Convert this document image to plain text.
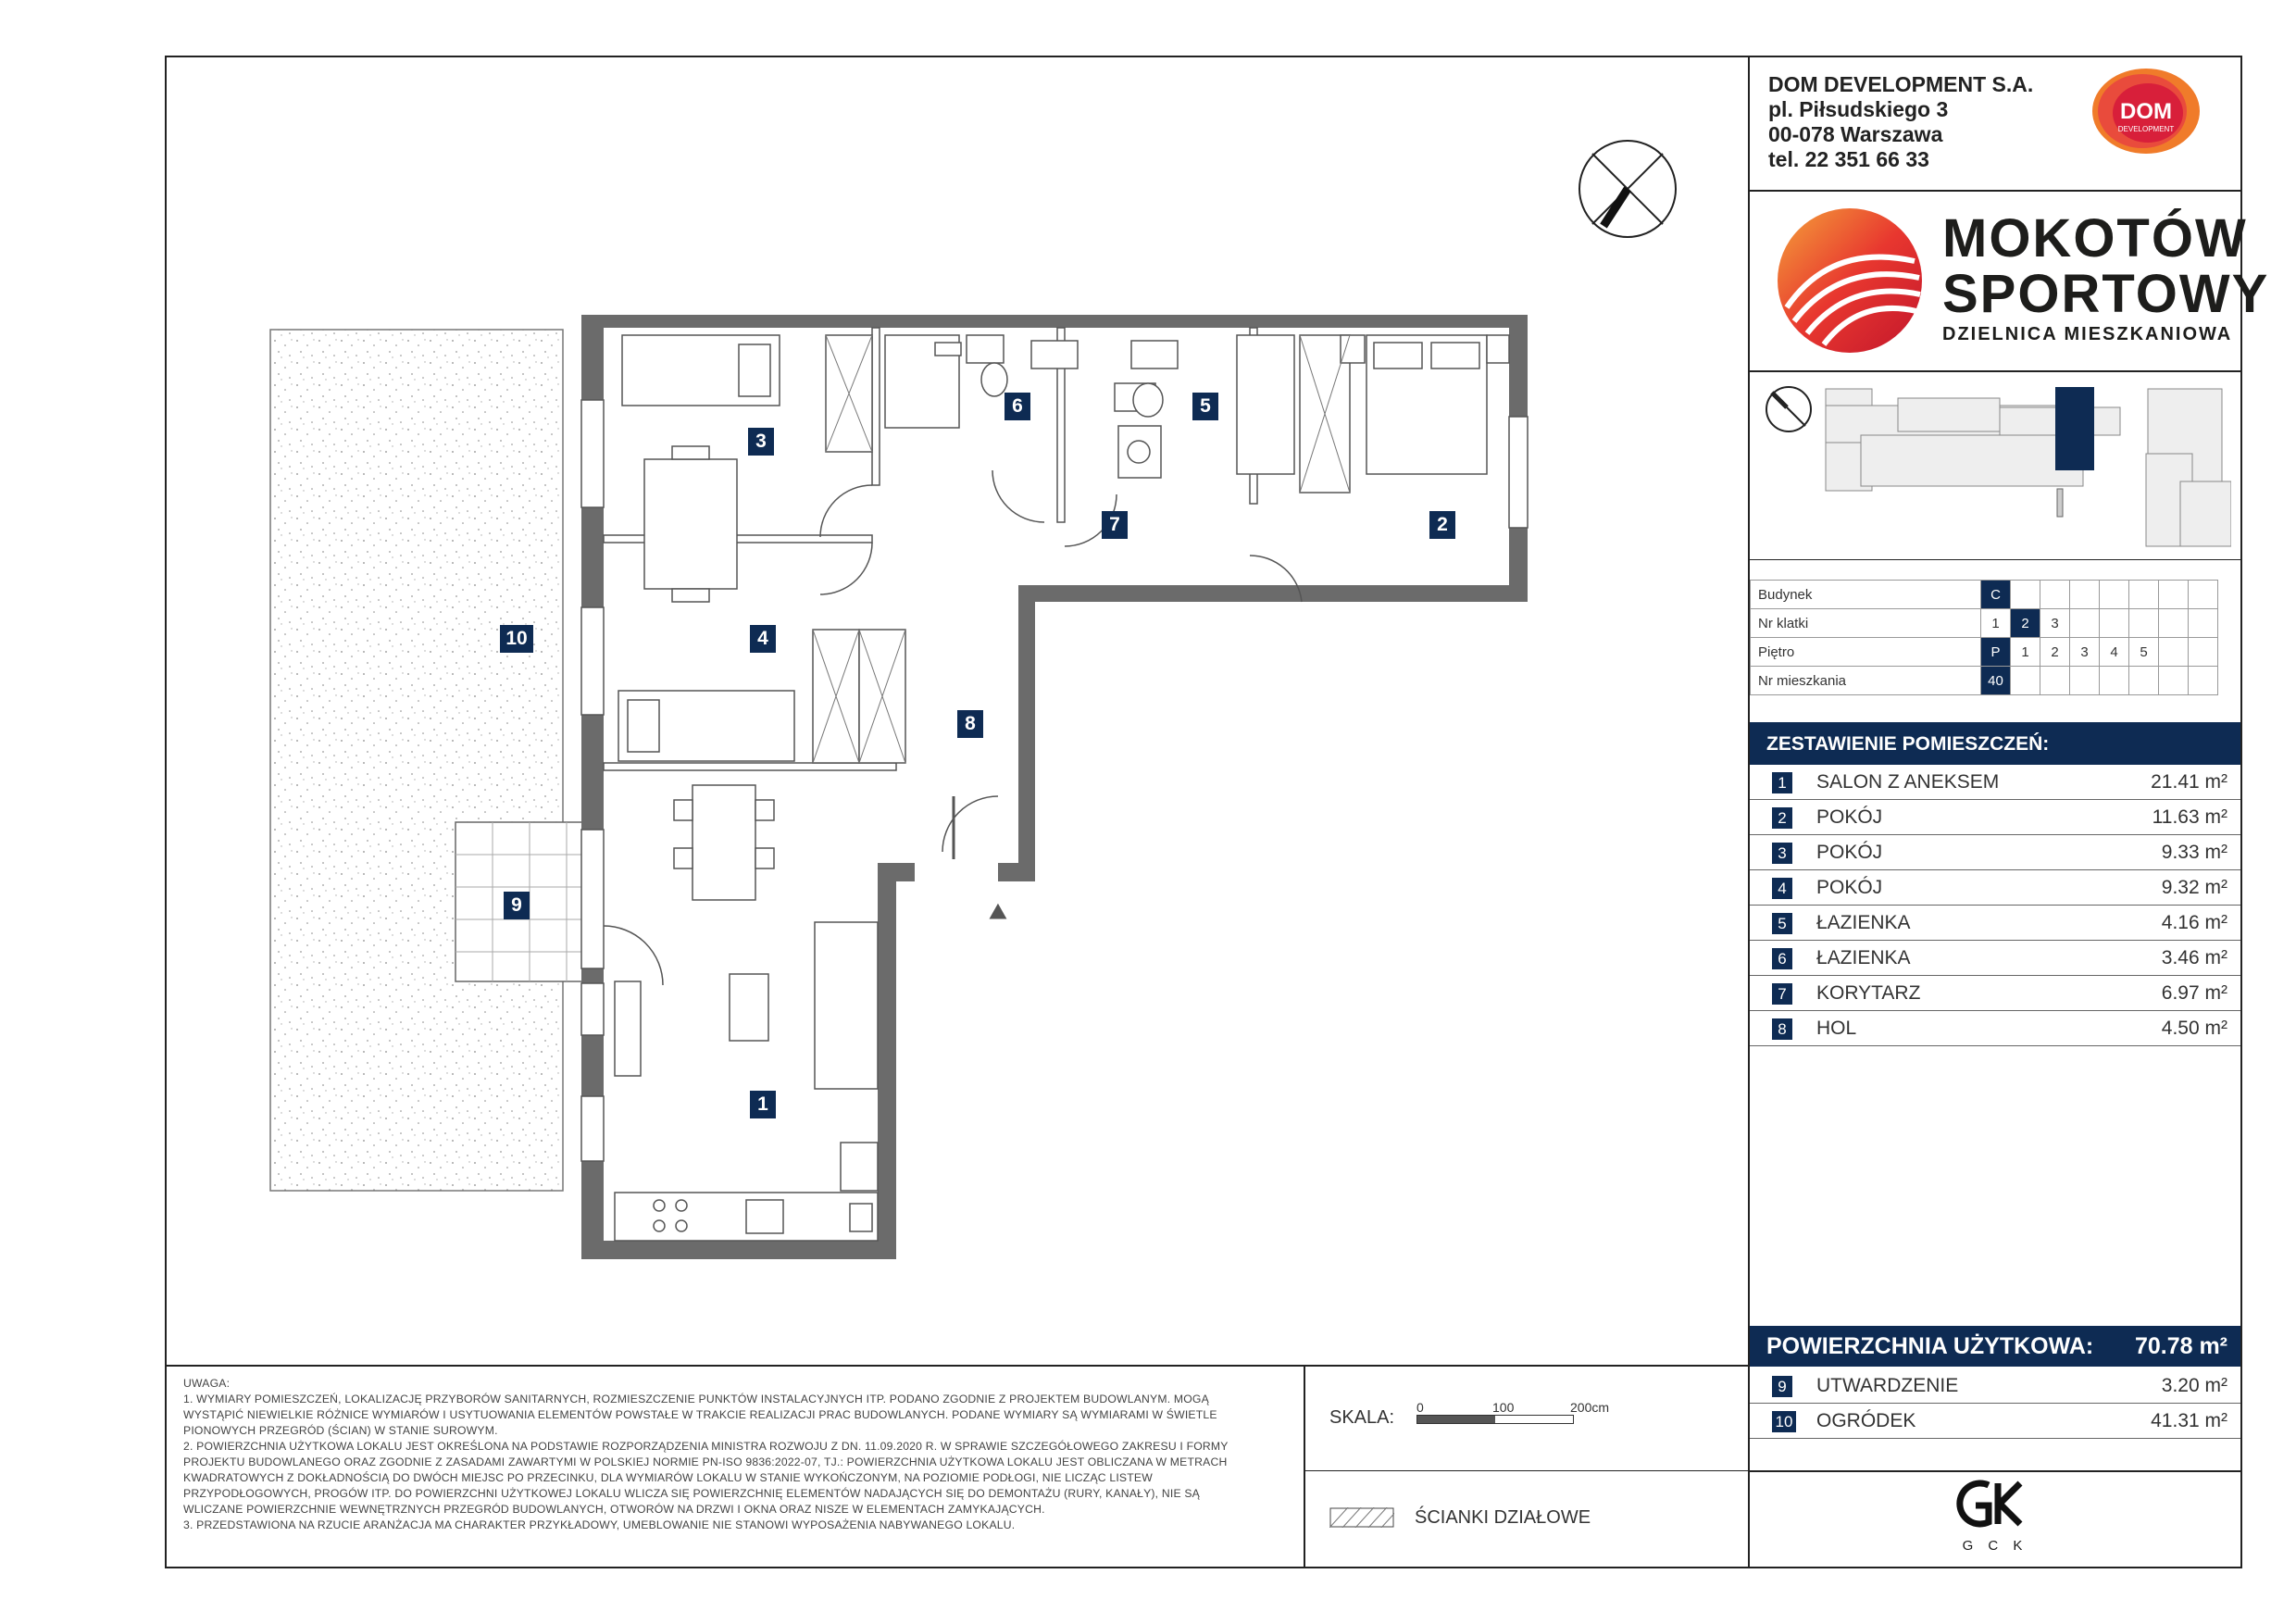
DOM DEVELOPMENT S.A.
pl. Piłsudskiego 3
00-078 Warszawa
tel. 22 351 66 33
DOM
DEVELOPMENT
MOKOTÓW
SPORTOWY
DZIELNICA MIESZKANIOWA
Budynek	C							
Nr klatki	1	2	3					
Piętro	P	1	2	3	4	5		
Nr mieszkania	40							
ZESTAWIENIE POMIESZCZEŃ:
1 SALON Z ANEKSEM	21.41 m²
2 POKÓJ	11.63 m²
3 POKÓJ	9.33 m²
4 POKÓJ	9.32 m²
5 ŁAZIENKA	4.16 m²
6 ŁAZIENKA	3.46 m²
7 KORYTARZ	6.97 m²
8 HOL	4.50 m²
POWIERZCHNIA UŻYTKOWA: 70.78 m²
9 UTWARDZENIE	3.20 m²
10 OGRÓDEK	41.31 m²
G C K
SKALA: 0	100	200cm
ŚCIANKI DZIAŁOWE

UWAGA:

1. WYMIARY POMIESZCZEŃ, LOKALIZACJĘ PRZYBORÓW SANITARNYCH, ROZMIESZCZENIE PUNKTÓW INSTALACYJNYCH ITP. PODANO ZGODNIE Z PROJEKTEM BUDOWLANYM. MOGĄ

WYSTĄPIĆ NIEWIELKIE RÓŻNICE WYMIARÓW I USYTUOWANIA ELEMENTÓW POWSTAŁE W TRAKCIE REALIZACJI PRAC BUDOWLANYCH. PODANE WYMIARY SĄ WYMIARAMI W ŚWIETLE

PIONOWYCH PRZEGRÓD (ŚCIAN) W STANIE SUROWYM.

2. POWIERZCHNIA UŻYTKOWA LOKALU JEST OKREŚLONA NA PODSTAWIE ROZPORZĄDZENIA MINISTRA ROZWOJU Z DN. 11.09.2020 R. W SPRAWIE SZCZEGÓŁOWEGO ZAKRESU I FORMY

PROJEKTU BUDOWLANEGO ORAZ ZGODNIE Z ZASADAMI ZAWARTYMI W POLSKIEJ NORMIE PN-ISO 9836:2022-07, TJ.: POWIERZCHNIA UŻYTKOWA LOKALU JEST OBLICZANA W METRACH

KWADRATOWYCH Z DOKŁADNOŚCIĄ DO DWÓCH MIEJSC PO PRZECINKU, DLA WYMIARÓW LOKALU W STANIE WYKOŃCZONYM, NA POZIOMIE PODŁOGI, NIE LICZĄC LISTEW

PRZYPODŁOGOWYCH, PROGÓW ITP. DO POWIERZCHNI UŻYTKOWEJ LOKALU WLICZA SIĘ POWIERZCHNIĘ ELEMENTÓW NADAJĄCYCH SIĘ DO DEMONTAŻU (RURY, KANAŁY), NIE SĄ

WLICZANE POWIERZCHNIE WEWNĘTRZNYCH PRZEGRÓD BUDOWLANYCH, OTWORÓW NA DRZWI I OKNA ORAZ NISZE W ELEMENTACH ZAMYKAJĄCYCH.

3. PRZEDSTAWIONA NA RZUCIE ARANŻACJA MA CHARAKTER PRZYKŁADOWY, UMEBLOWANIE NIE STANOWI WYPOSAŻENIA NABYWANEGO LOKALU.

3
6	5
7	2
4
8
10
9
1
